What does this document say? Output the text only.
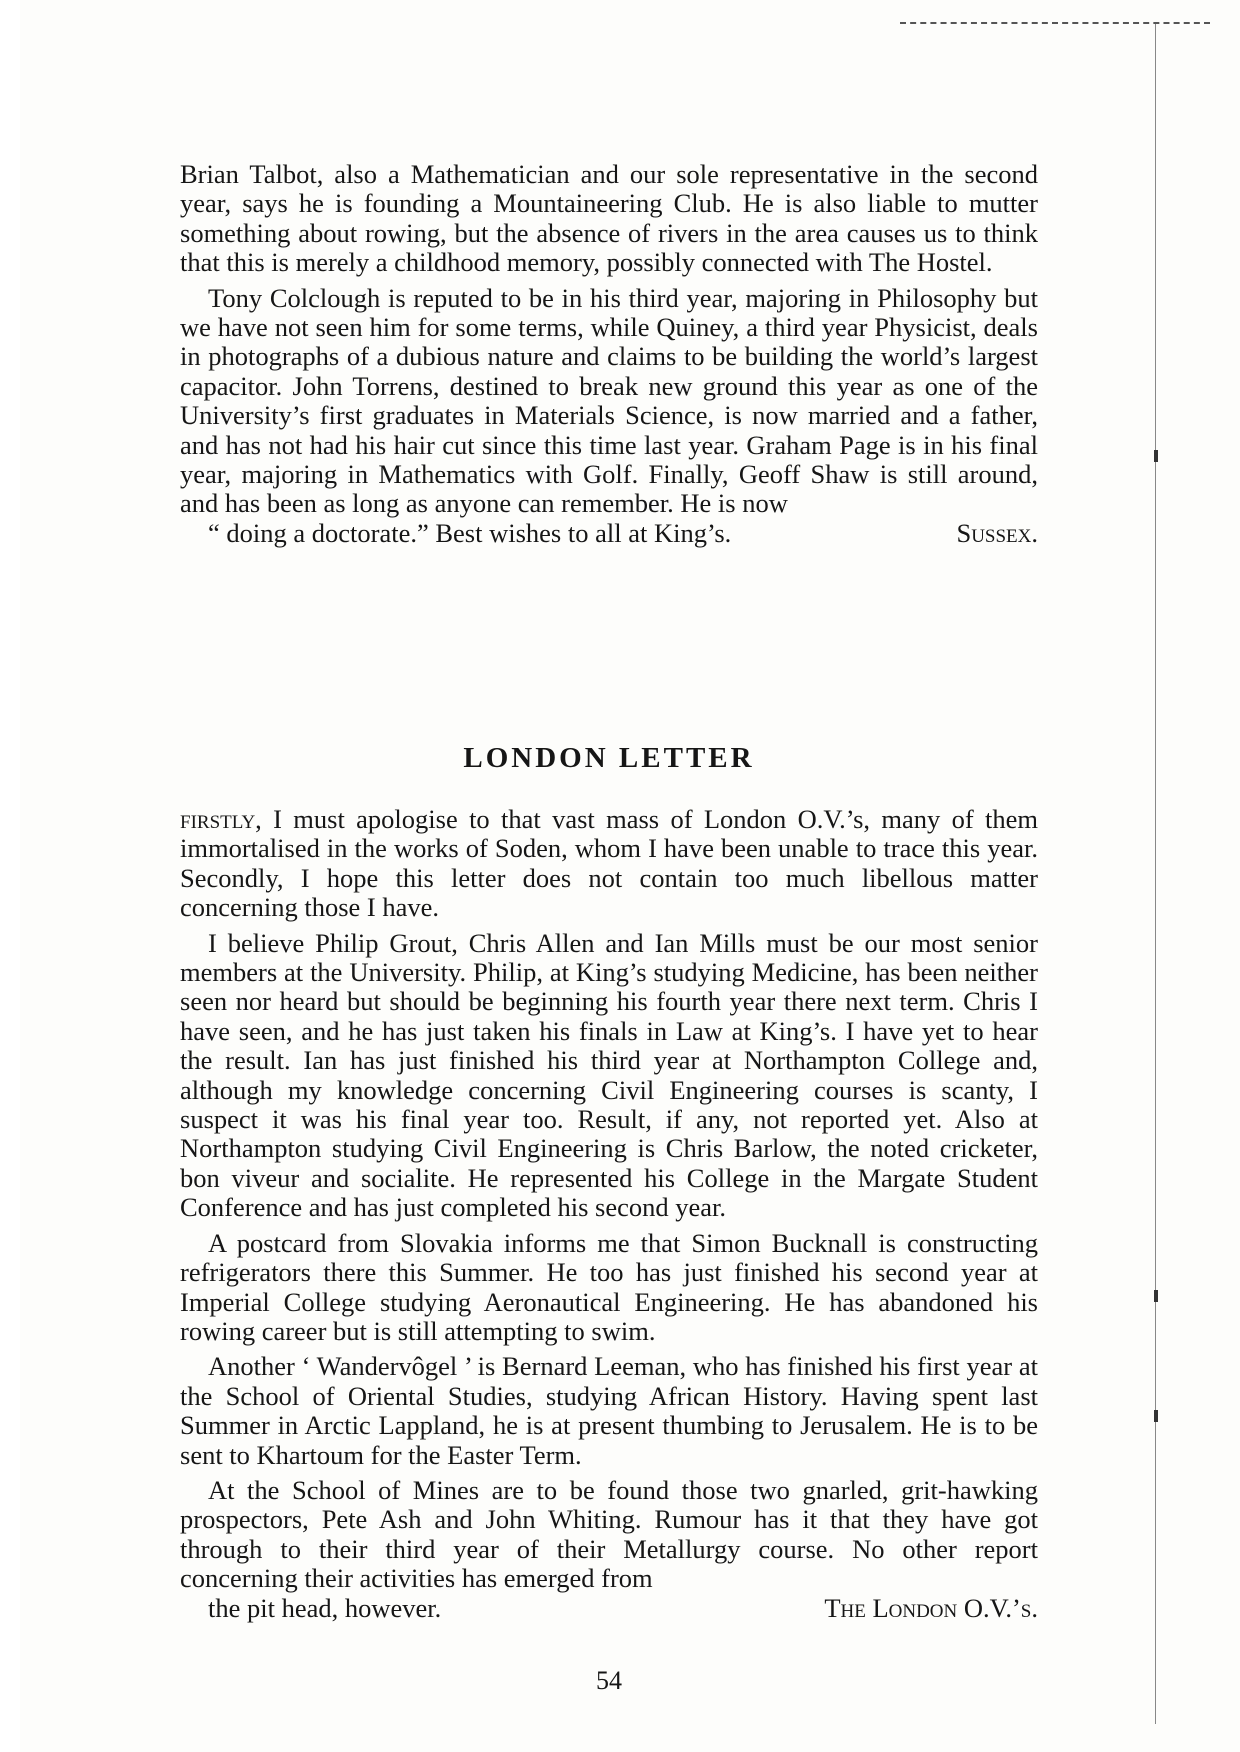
Brian Talbot, also a Mathematician and our sole representative in the second year, says he is founding a Mountaineering Club. He is also liable to mutter something about rowing, but the absence of rivers in the area causes us to think that this is merely a childhood memory, possibly connected with The Hostel.

Tony Colclough is reputed to be in his third year, majoring in Philosophy but we have not seen him for some terms, while Quiney, a third year Physicist, deals in photographs of a dubious nature and claims to be building the world’s largest capacitor. John Torrens, destined to break new ground this year as one of the University’s first graduates in Materials Science, is now married and a father, and has not had his hair cut since this time last year. Graham Page is in his final year, majoring in Mathematics with Golf. Finally, Geoff Shaw is still around, and has been as long as anyone can remember. He is now
“ doing a doctorate.” Best wishes to all at King’s.	Sussex.

LONDON LETTER

firstly, I must apologise to that vast mass of London O.V.’s, many of them immortalised in the works of Soden, whom I have been unable to trace this year. Secondly, I hope this letter does not contain too much libellous matter concerning those I have.

I believe Philip Grout, Chris Allen and Ian Mills must be our most senior members at the University. Philip, at King’s studying Medicine, has been neither seen nor heard but should be beginning his fourth year there next term. Chris I have seen, and he has just taken his finals in Law at King’s. I have yet to hear the result. Ian has just finished his third year at Northampton College and, although my knowledge concerning Civil Engineering courses is scanty, I suspect it was his final year too. Result, if any, not reported yet. Also at Northampton studying Civil Engineering is Chris Barlow, the noted cricketer, bon viveur and socialite. He represented his College in the Margate Student Conference and has just completed his second year.

A postcard from Slovakia informs me that Simon Bucknall is constructing refrigerators there this Summer. He too has just finished his second year at Imperial College studying Aeronautical Engineering. He has abandoned his rowing career but is still attempting to swim.

Another ‘ Wandervôgel ’ is Bernard Leeman, who has finished his first year at the School of Oriental Studies, studying African History. Having spent last Summer in Arctic Lappland, he is at present thumbing to Jerusalem. He is to be sent to Khartoum for the Easter Term.

At the School of Mines are to be found those two gnarled, grit-hawking prospectors, Pete Ash and John Whiting. Rumour has it that they have got through to their third year of their Metallurgy course. No other report concerning their activities has emerged from
the pit head, however.	The London O.V.’s.

54
